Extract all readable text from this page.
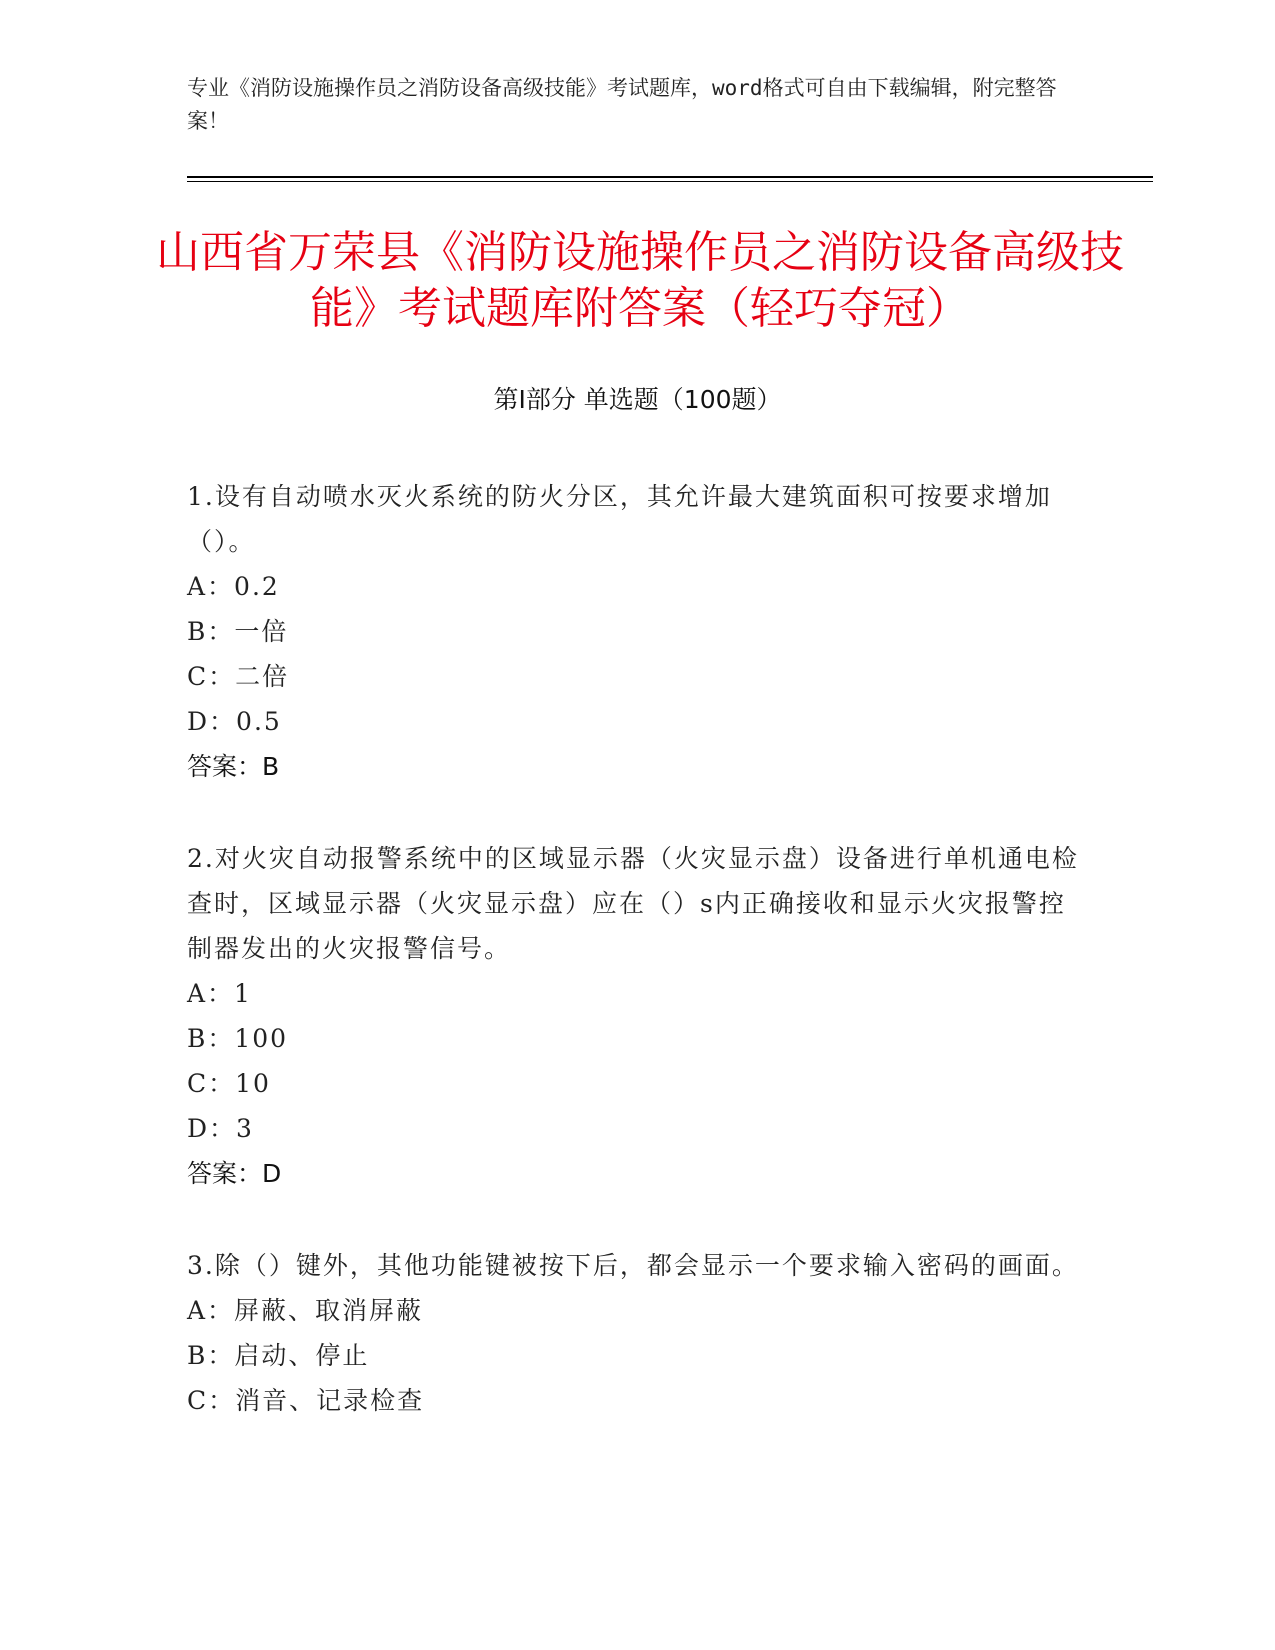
专业《消防设施操作员之消防设备高级技能》考试题库，word格式可自由下载编辑，附完整答案！
山西省万荣县《消防设施操作员之消防设备高级技能》考试题库附答案（轻巧夺冠）
第Ⅰ部分 单选题（100题）

1.设有自动喷水灭火系统的防火分区，其允许最大建筑面积可按要求增加（）。

A：0.2

B：一倍

C：二倍

D：0.5

答案：B

2.对火灾自动报警系统中的区域显示器（火灾显示盘）设备进行单机通电检查时，区域显示器（火灾显示盘）应在（）s内正确接收和显示火灾报警控制器发出的火灾报警信号。

A：1

B：100

C：10

D：3

答案：D

3.除（）键外，其他功能键被按下后，都会显示一个要求输入密码的画面。

A：屏蔽、取消屏蔽

B：启动、停止

C：消音、记录检查
